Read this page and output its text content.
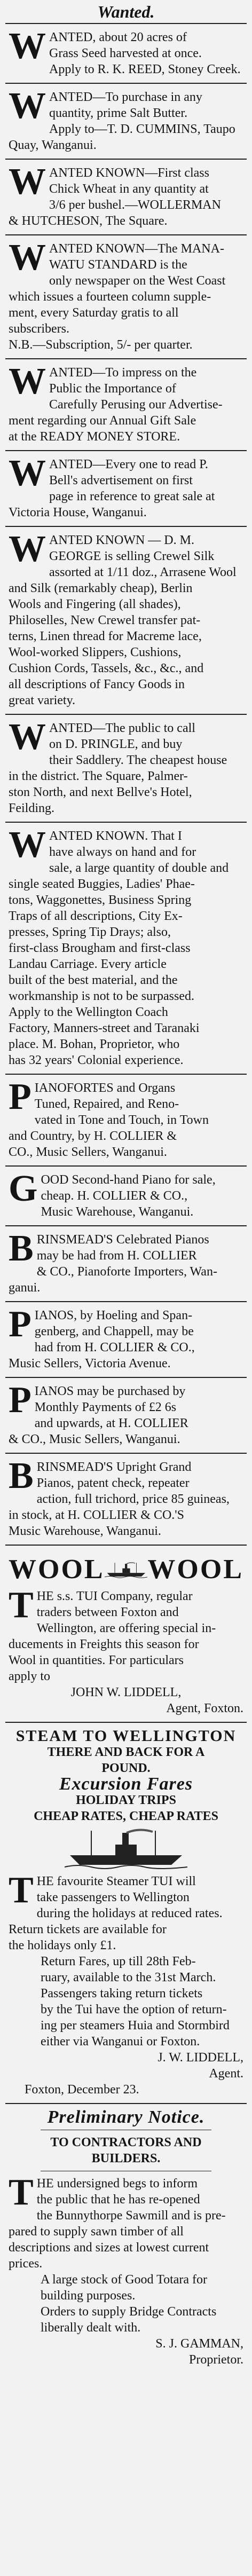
Wanted.
W ANTED, about 20 acres of
Grass Seed harvested at once.
Apply to R. K. REED, Stoney Creek.
W ANTED—To purchase in any
quantity, prime Salt Butter.
Apply to—T. D. CUMMINS, Taupo
Quay, Wanganui.
W ANTED KNOWN—First class
Chick Wheat in any quantity at
3/6 per bushel.—WOLLERMAN
& HUTCHESON, The Square.
W ANTED KNOWN—The MANA-
WATU STANDARD is the
only newspaper on the West Coast
which issues a fourteen column supple-
ment, every Saturday gratis to all
subscribers.
N.B.—Subscription, 5/- per quarter.
W ANTED—To impress on the
Public the Importance of
Carefully Perusing our Advertise-
ment regarding our Annual Gift Sale
at the READY MONEY STORE.
W ANTED—Every one to read P.
Bell's advertisement on first
page in reference to great sale at
Victoria House, Wanganui.
W ANTED KNOWN — D. M.
GEORGE is selling Crewel Silk
assorted at 1/11 doz., Arrasene Wool
and Silk (remarkably cheap), Berlin
Wools and Fingering (all shades),
Philoselles, New Crewel transfer pat-
terns, Linen thread for Macreme lace,
Wool-worked Slippers, Cushions,
Cushion Cords, Tassels, &c., &c., and
all descriptions of Fancy Goods in
great variety.
W ANTED—The public to call
on D. PRINGLE, and buy
their Saddlery. The cheapest house
in the district. The Square, Palmer-
ston North, and next Bellve's Hotel,
Feilding.
W ANTED KNOWN. That I
have always on hand and for
sale, a large quantity of double and
single seated Buggies, Ladies' Phae-
tons, Waggonettes, Business Spring
Traps of all descriptions, City Ex-
presses, Spring Tip Drays; also,
first-class Brougham and first-class
Landau Carriage. Every article
built of the best material, and the
workmanship is not to be surpassed.
Apply to the Wellington Coach
Factory, Manners-street and Taranaki
place. M. Bohan, Proprietor, who
has 32 years' Colonial experience.
P IANOFORTES and Organs
Tuned, Repaired, and Reno-
vated in Tone and Touch, in Town
and Country, by H. COLLIER &
CO., Music Sellers, Wanganui.
G OOD Second-hand Piano for sale,
cheap. H. COLLIER & CO.,
Music Warehouse, Wanganui.
B RINSMEAD'S Celebrated Pianos
may be had from H. COLLIER
& CO., Pianoforte Importers, Wan-
ganui.
P IANOS, by Hoeling and Span-
genberg, and Chappell, may be
had from H. COLLIER & CO.,
Music Sellers, Victoria Avenue.
P IANOS may be purchased by
Monthly Payments of £2 6s
and upwards, at H. COLLIER
& CO., Music Sellers, Wanganui.
B RINSMEAD'S Upright Grand
Pianos, patent check, repeater
action, full trichord, price 85 guineas,
in stock, at H. COLLIER & CO.'S
Music Warehouse, Wanganui.
WOOL WOOL
T HE s.s. TUI Company, regular
traders between Foxton and
Wellington, are offering special in-
ducements in Freights this season for
Wool in quantities. For particulars
apply to
JOHN W. LIDDELL,
Agent, Foxton.
STEAM TO WELLINGTON
THERE AND BACK FOR A
POUND.
Excursion Fares
HOLIDAY TRIPS
CHEAP RATES, CHEAP RATES
T HE favourite Steamer TUI will
take passengers to Wellington
during the holidays at reduced rates.
Return tickets are available for
the holidays only £1.
Return Fares, up till 28th Feb-
ruary, available to the 31st March.
Passengers taking return tickets
by the Tui have the option of return-
ing per steamers Huia and Stormbird
either via Wanganui or Foxton.
J. W. LIDDELL,
Agent.
Foxton, December 23.
Preliminary Notice.
TO CONTRACTORS AND
BUILDERS.
T HE undersigned begs to inform
the public that he has re-opened
the Bunnythorpe Sawmill and is pre-
pared to supply sawn timber of all
descriptions and sizes at lowest current
prices.
A large stock of Good Totara for
building purposes.
Orders to supply Bridge Contracts
liberally dealt with.
S. J. GAMMAN,
Proprietor.
